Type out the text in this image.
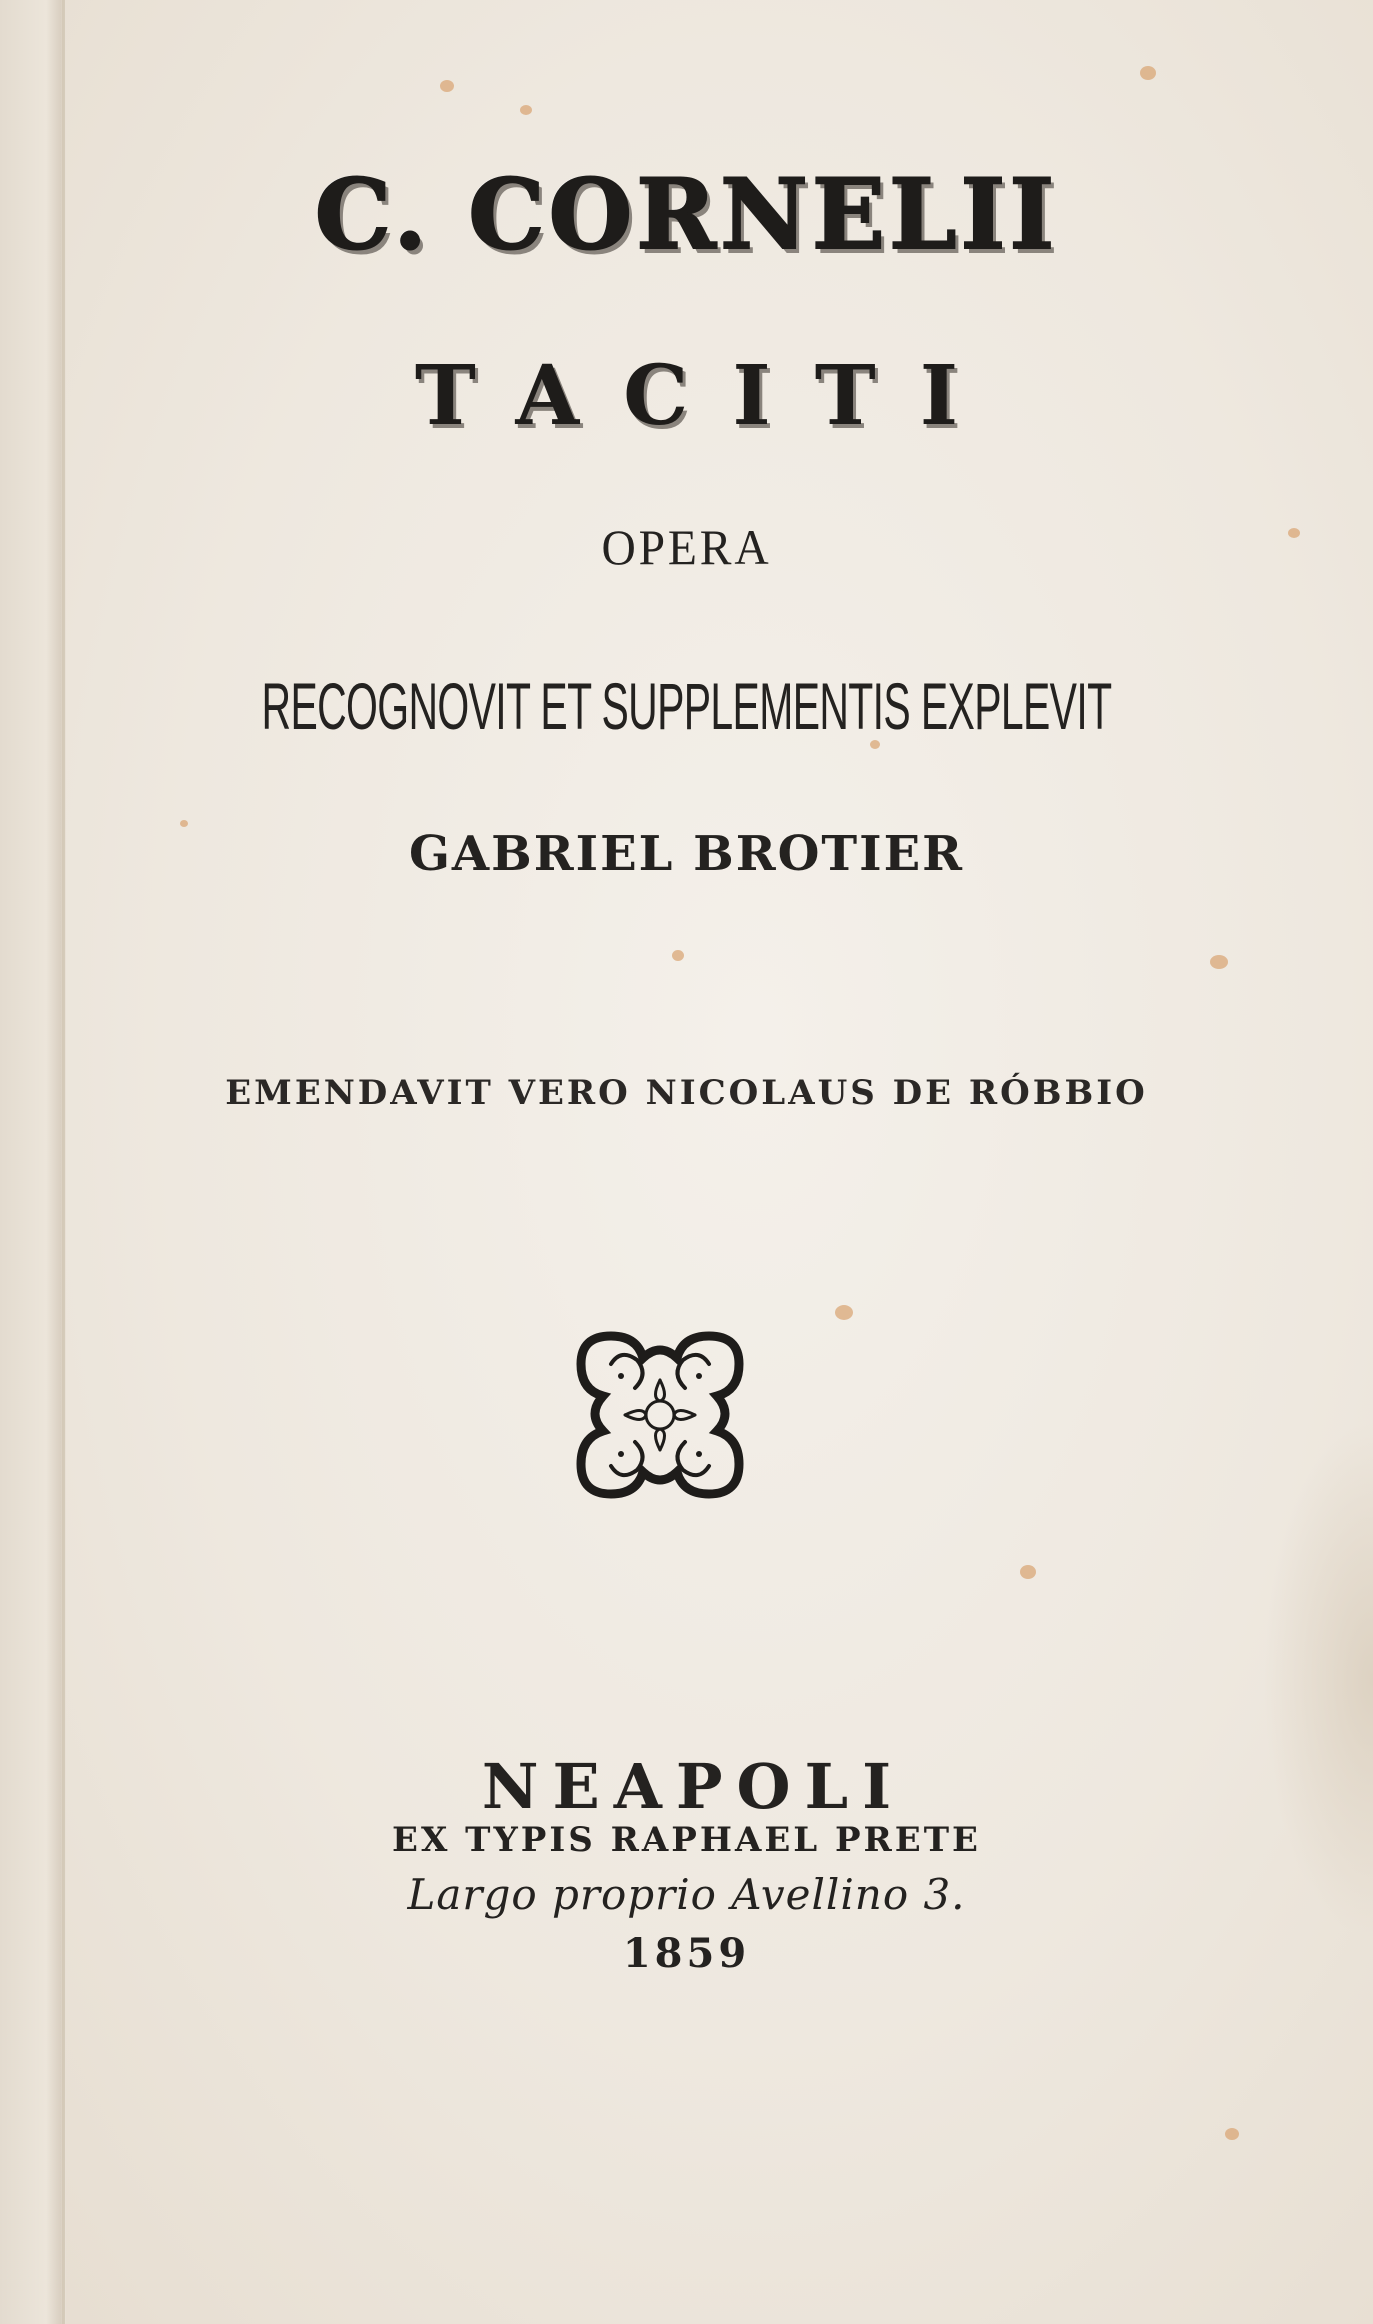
C. CORNELII
TACITI
OPERA
RECOGNOVIT ET SUPPLEMENTIS EXPLEVIT
GABRIEL BROTIER
EMENDAVIT VERO NICOLAUS DE RÓBBIO
NEAPOLI
EX TYPIS RAPHAEL PRETE
Largo proprio Avellino 3.
1859
